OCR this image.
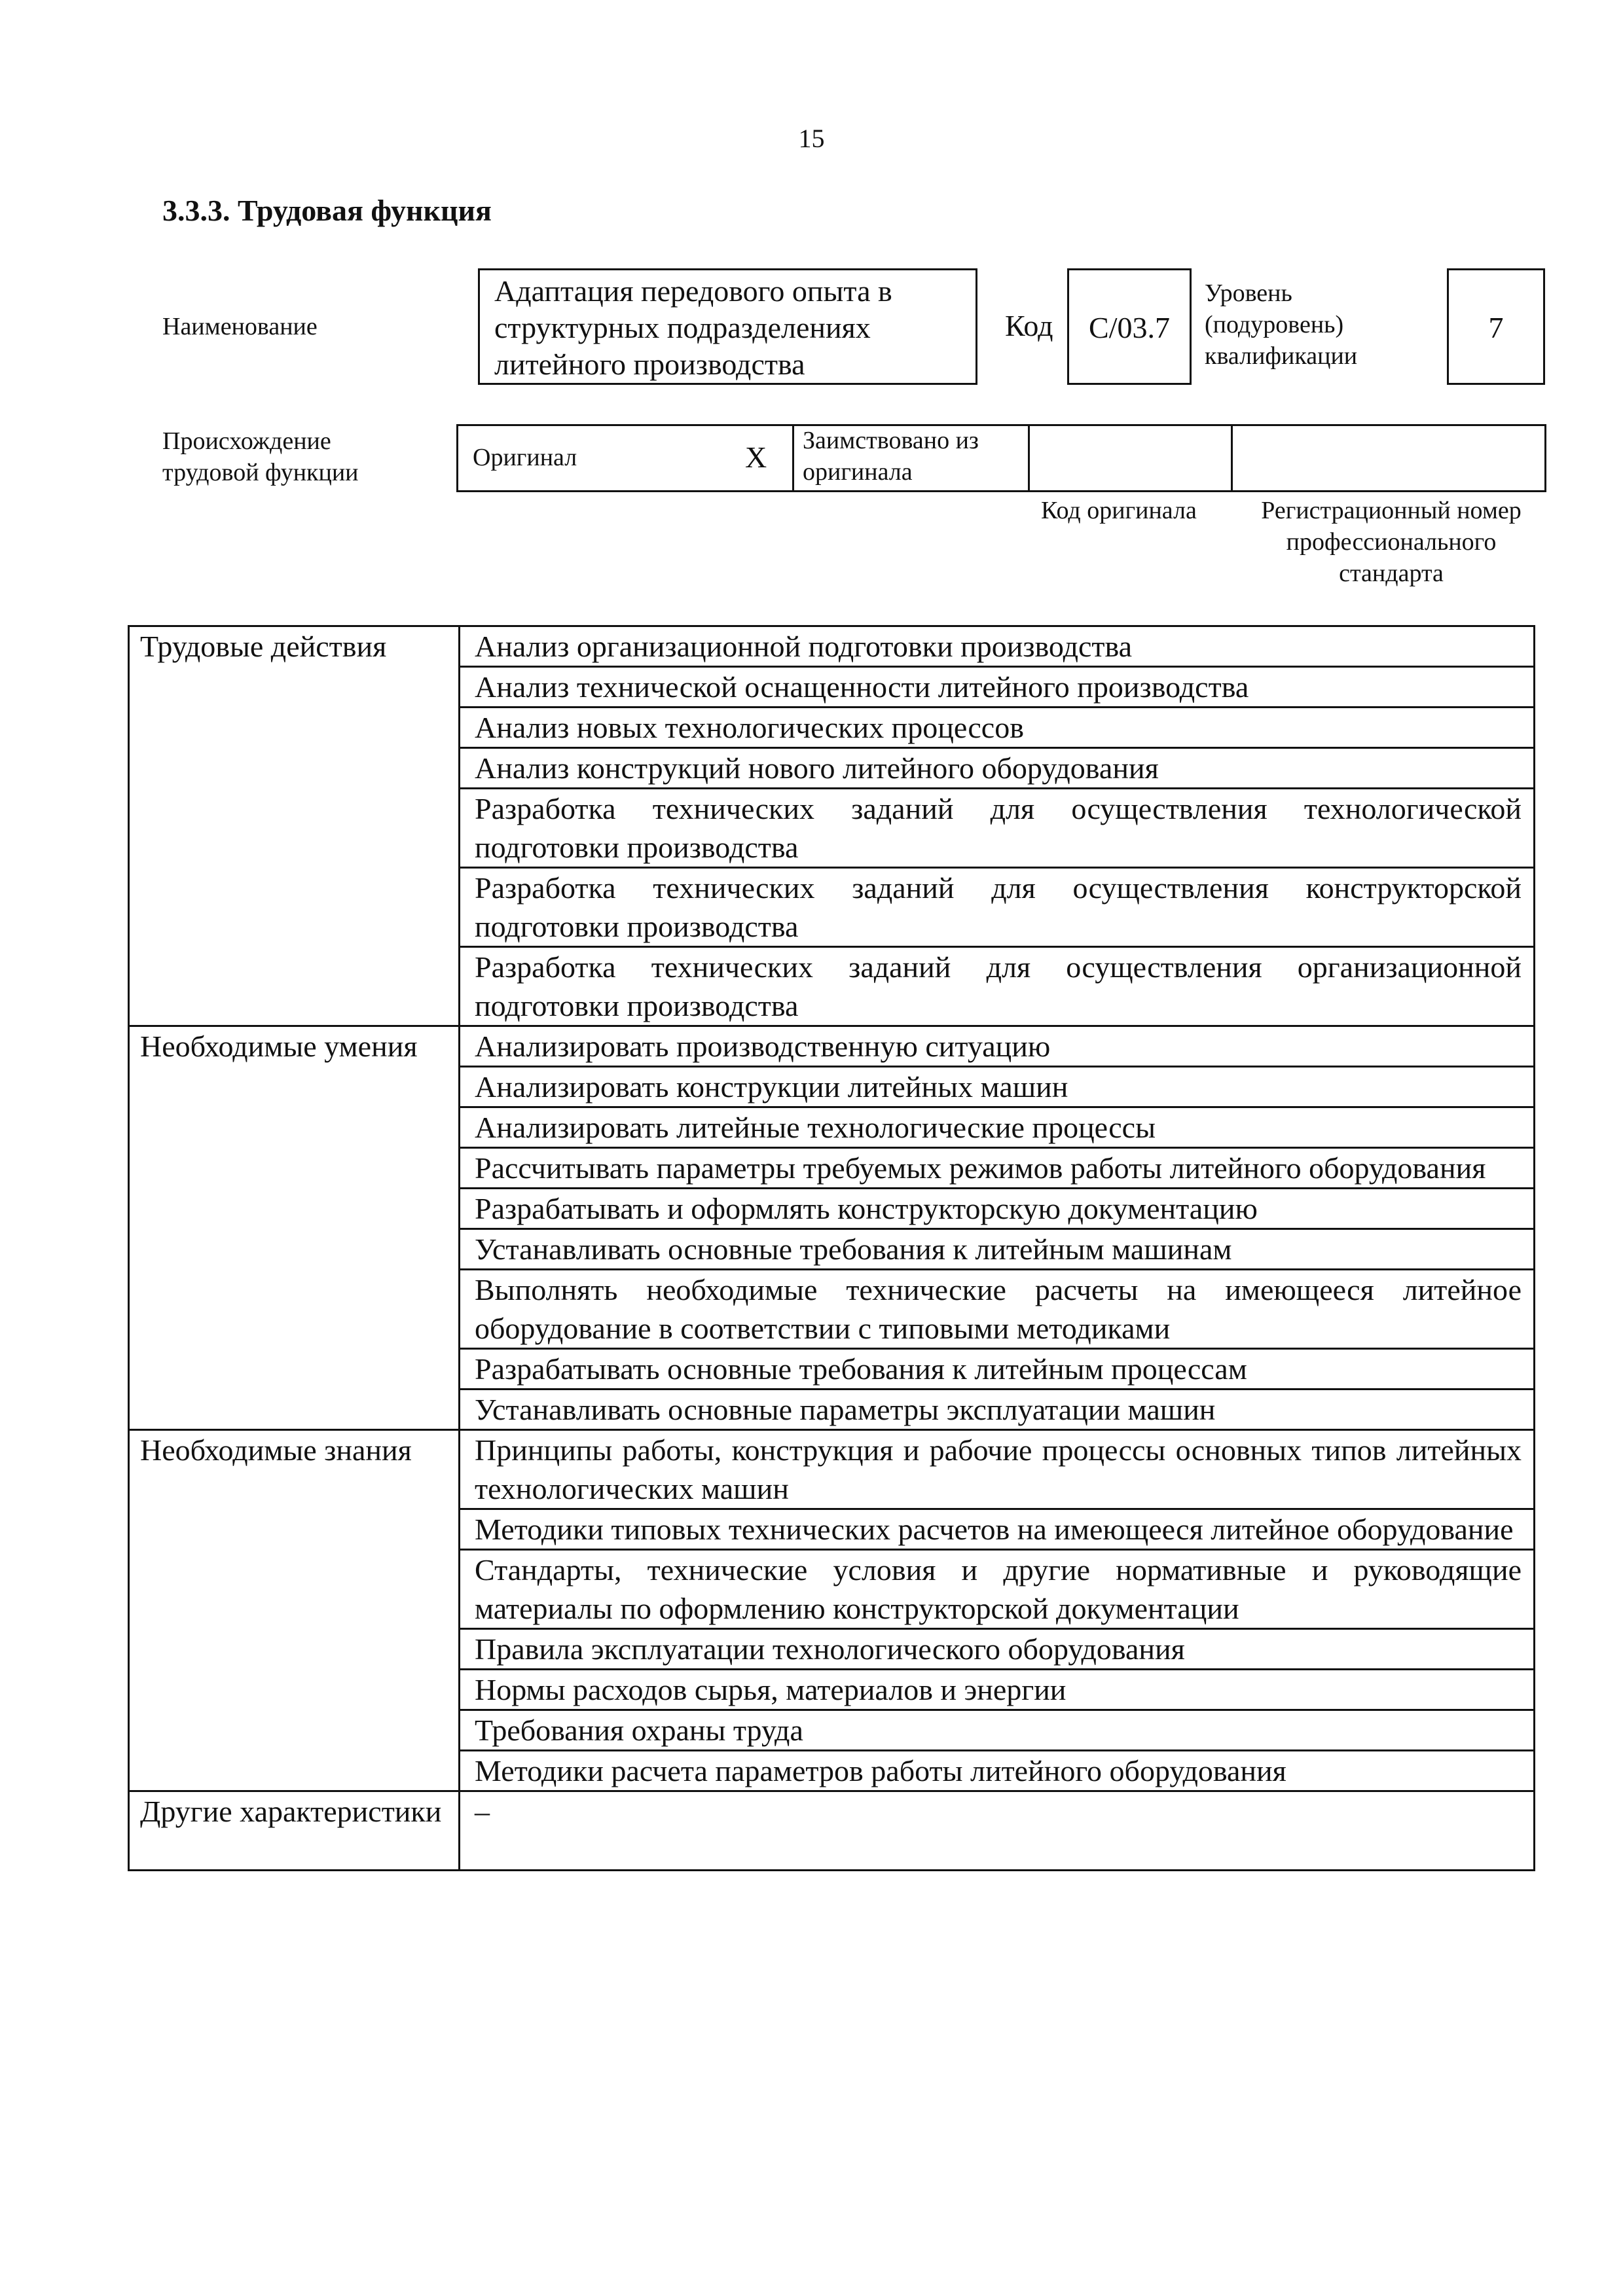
15
3.3.3. Трудовая функция
Наименование
Адаптация передового опыта в структурных подразделениях литейного производства
Код	C/03.7
Уровень (подуровень) квалификации
7
Происхождение трудовой функции
Оригинал	X Заимствовано из оригинала
Код оригинала	Регистрационный номер профессионального стандарта
Трудовые действия	Анализ организационной подготовки производства
	Анализ технической оснащенности литейного производства
	Анализ новых технологических процессов
	Анализ конструкций нового литейного оборудования
	Разработка технических заданий для осуществления технологической подготовки производства
	Разработка технических заданий для осуществления конструкторской подготовки производства
	Разработка технических заданий для осуществления организационной подготовки производства
Необходимые умения	Анализировать производственную ситуацию
	Анализировать конструкции литейных машин
	Анализировать литейные технологические процессы
	Рассчитывать параметры требуемых режимов работы литейного оборудования
	Разрабатывать и оформлять конструкторскую документацию
	Устанавливать основные требования к литейным машинам
	Выполнять необходимые технические расчеты на имеющееся литейное оборудование в соответствии с типовыми методиками
	Разрабатывать основные требования к литейным процессам
	Устанавливать основные параметры эксплуатации машин
Необходимые знания	Принципы работы, конструкция и рабочие процессы основных типов литейных технологических машин
	Методики типовых технических расчетов на имеющееся литейное оборудование
	Стандарты, технические условия и другие нормативные и руководящие материалы по оформлению конструкторской документации
	Правила эксплуатации технологического оборудования
	Нормы расходов сырья, материалов и энергии
	Требования охраны труда
	Методики расчета параметров работы литейного оборудования
Другие характеристики	–
